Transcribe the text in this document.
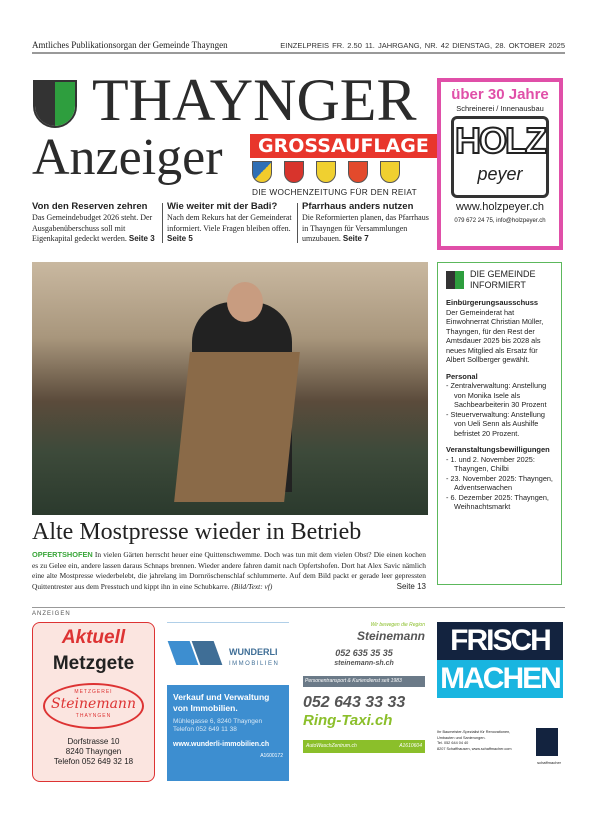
Amtliches Publikationsorgan der Gemeinde Thayngen	EINZELPREIS FR. 2.50 11. JAHRGANG, NR. 42 DIENSTAG, 28. OKTOBER 2025
THAYNGER
Anzeiger	GROSSAUFLAGE
DIE WOCHENZEITUNG FÜR DEN REIAT
Von den Reserven zehren
Das Gemeindebudget 2026 steht. Der Ausgabenüberschuss soll mit Eigenkapital gedeckt werden. Seite 3
Wie weiter mit der Badi?
Nach dem Rekurs hat der Gemeinderat informiert. Viele Fragen bleiben offen. Seite 5
Pfarrhaus anders nutzen
Die Reformierten planen, das Pfarrhaus in Thayngen für Versammlungen umzubauen. Seite 7
über 30 Jahre
Schreinerei / Innenausbau
HOLZ
peyer
www.holzpeyer.ch
079 672 24 75, info@holzpeyer.ch
DIE GEMEINDE
INFORMIERT
Einbürgerungsausschuss

Der Gemeinderat hat Einwohnerrat Christian Müller, Thayngen, für den Rest der Amtsdauer 2025 bis 2028 als neues Mitglied als Ersatz für Albert Sollberger gewählt.

Personal
- Zentralverwaltung: Anstellung von Monika Isele als Sachbearbeiterin 30 Prozent
- Steuerverwaltung: Anstellung von Ueli Senn als Aushilfe befristet 20 Prozent.
Veranstaltungsbewilligungen
- 1. und 2. November 2025: Thayngen, Chilbi
- 23. November 2025: Thayngen, Adventserwachen
- 6. Dezember 2025: Thayngen, Weihnachtsmarkt
Alte Mostpresse wieder in Betrieb
OPFERTSHOFEN In vielen Gärten herrscht heuer eine Quittenschwemme. Doch was tun mit dem vielen Obst? Die einen kochen es zu Gelee ein, andere lassen daraus Schnaps brennen. Wieder andere fahren damit nach Opfertshofen. Dort hat Alex Savic nämlich eine alte Mostpresse wiederbelebt, die jahrelang im Dornröschenschlaf schlummerte. Auf dem Bild packt er gerade leer gepressten Quittentrester aus dem Presstuch und kippt ihn in eine Schubkarre. (Bild/Text: vf)	Seite 13
ANZEIGEN
Aktuell
Metzgete
METZGEREI
Steinemann
THAYNGEN
Dorfstrasse 10
8240 Thayngen
Telefon 052 649 32 18
WUNDERLI
IMMOBILIEN
Verkauf und Verwaltung von Immobilien.
Mühlegasse 6, 8240 Thayngen
Telefon 052 649 11 38
www.wunderli-immobilien.ch
A1600172
Wir bewegen die Region
Steinemann
052 635 35 35
steinemann-sh.ch
Personentransport & Kuriendienst seit 1983
052 643 33 33
Ring-Taxi.ch
AutoWaschZentrum.ch	A1610604
FRISCH
MACHEN
Ihr Baumeister-Spezialist für Renovationen, Umbauten und Sanierungen.
Tel. 052 644 04 40
8207 Schaffhausen, www.schaffmacher.com
schaffmacher
